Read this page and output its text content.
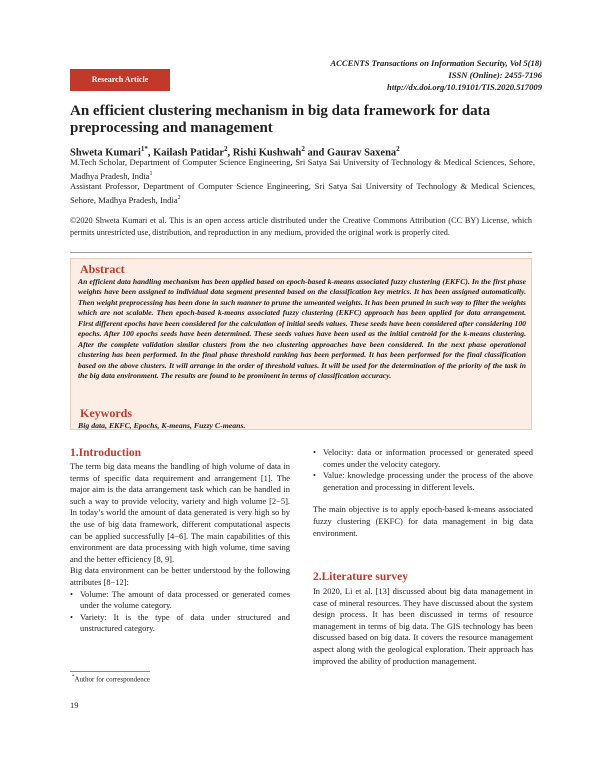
ACCENTS Transactions on Information Security, Vol 5(18)
ISSN (Online): 2455-7196
http://dx.doi.org/10.19101/TIS.2020.517009
Research Article
An efficient clustering mechanism in big data framework for data preprocessing and management
Shweta Kumari$^{1*}$, Kailash Patidar$^2$, Rishi Kushwah$^2$ and Gaurav Saxena$^2$
M.Tech Scholar, Department of Computer Science Engineering, Sri Satya Sai University of Technology & Medical Sciences, Sehore, Madhya Pradesh, India$^1$
Assistant Professor, Department of Computer Science Engineering, Sri Satya Sai University of Technology & Medical Sciences, Sehore, Madhya Pradesh, India$^2$
©2020 Shweta Kumari et al. This is an open access article distributed under the Creative Commons Attribution (CC BY) License, which permits unrestricted use, distribution, and reproduction in any medium, provided the original work is properly cited.
Abstract
An efficient data handling mechanism has been applied based on epoch-based k-means associated fuzzy clustering (EKFC). In the first phase weights have been assigned to individual data segment presented based on the classification key metrics. It has been assigned automatically. Then weight preprocessing has been done in such manner to prune the unwanted weights. It has been pruned in such way to filter the weights which are not scalable. Then epoch-based k-means associated fuzzy clustering (EKFC) approach has been applied for data arrangement. First different epochs have been considered for the calculation of initial seeds values. These seeds have been considered after considering 100 epochs. After 100 epochs seeds have been determined. These seeds values have been used as the initial centroid for the k-means clustering. After the complete validation similar clusters from the two clustering approaches have been considered. In the next phase operational clustering has been performed. In the final phase threshold ranking has been performed. It has been performed for the final classification based on the above clusters. It will arrange in the order of threshold values. It will be used for the determination of the priority of the task in the big data environment. The results are found to be prominent in terms of classification accuracy.
Keywords
Big data, EKFC, Epochs, K-means, Fuzzy C-means.
1.Introduction

The term big data means the handling of high volume of data in terms of specific data requirement and arrangement [1]. The major aim is the data arrangement task which can be handled in such a way to provide velocity, variety and high volume [2−5]. In today’s world the amount of data generated is very high so by the use of big data framework, different computational aspects can be applied successfully [4−6]. The main capabilities of this environment are data processing with high volume, time saving and the better efficiency [8, 9].

Big data environment can be better understood by the following attributes [8−12]:

• Volume: The amount of data processed or generated comes under the volume category.
• Variety: It is the type of data under structured and unstructured category.
• Velocity: data or information processed or generated speed comes under the velocity category.
• Value: knowledge processing under the process of the above generation and processing in different levels.

The main objective is to apply epoch-based k-means associated fuzzy clustering (EKFC) for data management in big data environment.

2.Literature survey
In 2020, Li et al. [13] discussed about big data management in case of mineral resources. They have discussed about the system design process. It has been discussed in terms of resource management in terms of big data. The GIS technology has been discussed based on big data. It covers the resource management aspect along with the geological exploration. Their approach has improved the ability of production management.
*Author for correspondence
19
